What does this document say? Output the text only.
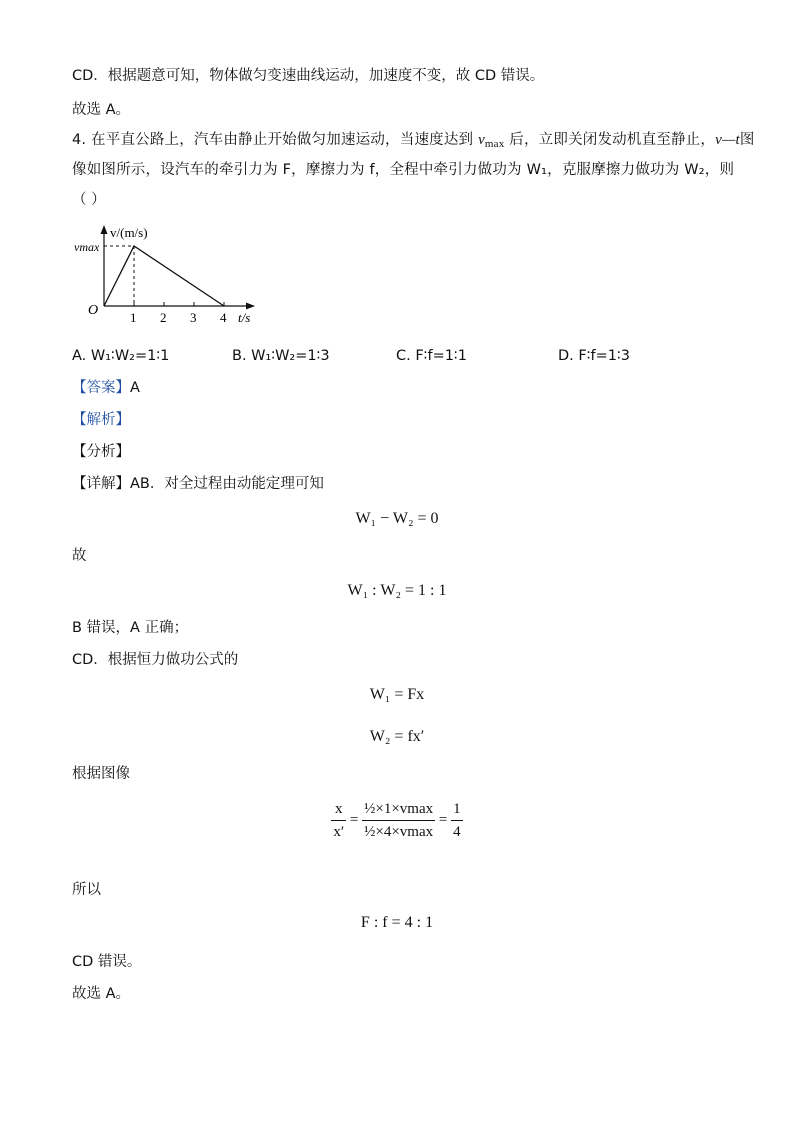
CD．根据题意可知，物体做匀变速曲线运动，加速度不变，故 CD 错误。
故选 A。
4. 在平直公路上，汽车由静止开始做匀加速运动，当速度达到 $v_{max}$ 后，立即关闭发动机直至静止，v—t图
像如图所示，设汽车的牵引力为 F，摩擦力为 f，全程中牵引力做功为 W₁，克服摩擦力做功为 W₂，则
（ ）
1 2 3 4
v/(m/s)
vmax
O	t/s
A. W₁∶W₂=1∶1	B. W₁∶W₂=1∶3	C. F∶f=1∶1	D. F∶f=1∶3
【答案】A
【解析】
【分析】
【详解】AB．对全过程由动能定理可知
W₁ − W₂ = 0
故
W₁ : W₂ = 1 : 1
B 错误，A 正确；
CD．根据恒力做功公式的
W₁ = Fx
W₂ = fx′
根据图像
$\frac{x}{x'} = \frac{\text{½×1×vmax}}{\text{½×4×vmax}} = \frac{1}{4}$
所以
F : f = 4 : 1
CD 错误。
故选 A。
